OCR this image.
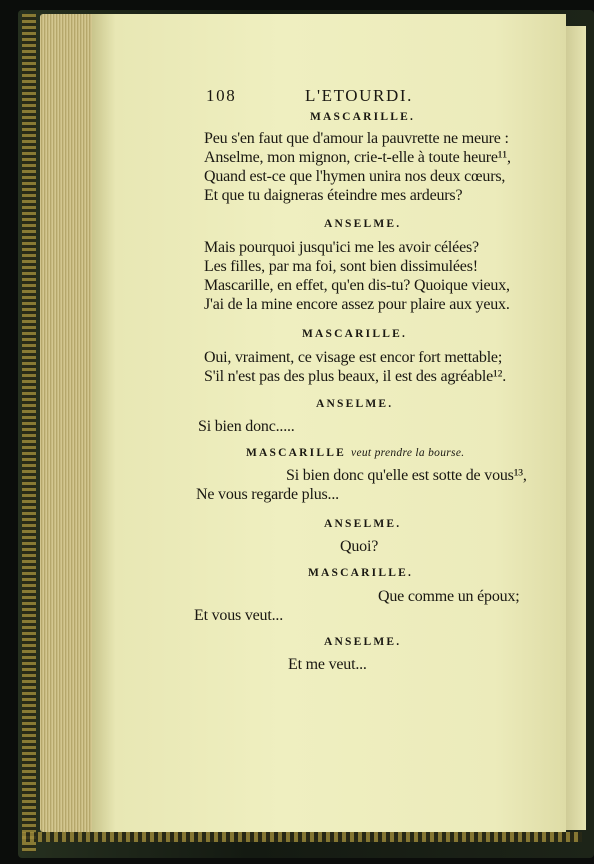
108	L'ETOURDI.
MASCARILLE.
Peu s'en faut que d'amour la pauvrette ne meure :
Anselme, mon mignon, crie-t-elle à toute heure¹¹,
Quand est-ce que l'hymen unira nos deux cœurs,
Et que tu daigneras éteindre mes ardeurs?
ANSELME.
Mais pourquoi jusqu'ici me les avoir célées?
Les filles, par ma foi, sont bien dissimulées!
Mascarille, en effet, qu'en dis-tu? Quoique vieux,
J'ai de la mine encore assez pour plaire aux yeux.
MASCARILLE.
Oui, vraiment, ce visage est encor fort mettable;
S'il n'est pas des plus beaux, il est des agréable¹².
ANSELME.
Si bien donc.....
MASCARILLE veut prendre la bourse.
Si bien donc qu'elle est sotte de vous¹³,
Ne vous regarde plus...
ANSELME.
Quoi?
MASCARILLE.
Que comme un époux;
Et vous veut...
ANSELME.
Et me veut...
